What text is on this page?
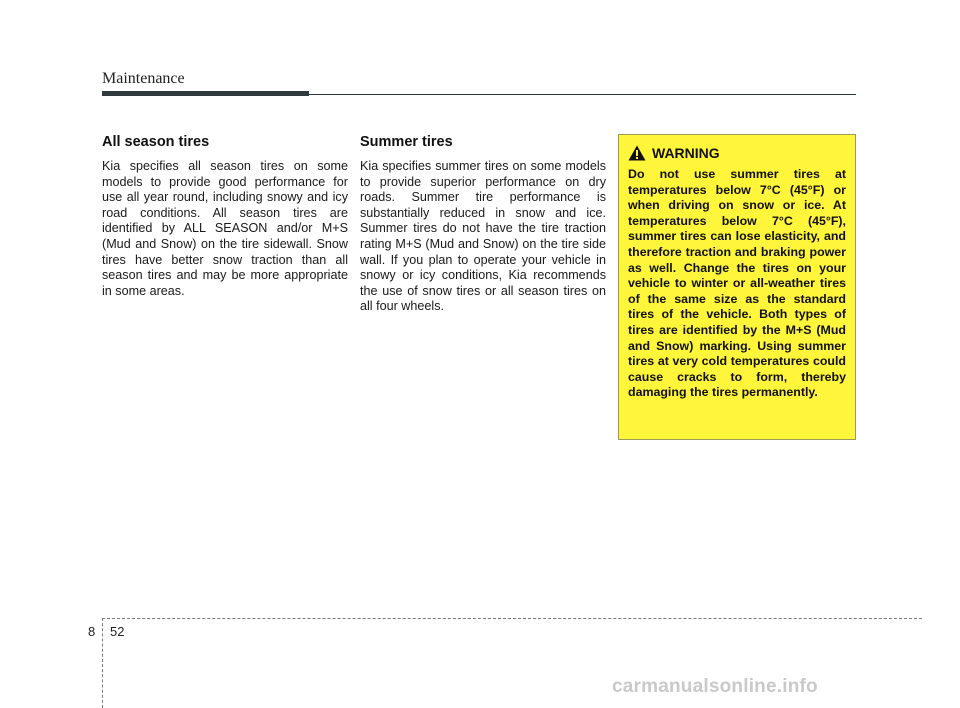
Maintenance
All season tires

Kia specifies all season tires on some models to provide good performance for use all year round, including snowy and icy road conditions. All season tires are identified by ALL SEASON and/or M+S (Mud and Snow) on the tire sidewall. Snow tires have better snow traction than all season tires and may be more appropriate in some areas.

Summer tires

Kia specifies summer tires on some models to provide superior performance on dry roads. Summer tire performance is substantially reduced in snow and ice. Summer tires do not have the tire traction rating M+S (Mud and Snow) on the tire side wall. If you plan to operate your vehicle in snowy or icy conditions, Kia recommends the use of snow tires or all season tires on all four wheels.

WARNING

Do not use summer tires at temperatures below 7°C (45°F) or when driving on snow or ice. At temperatures below 7°C (45°F), summer tires can lose elasticity, and therefore traction and braking power as well. Change the tires on your vehicle to winter or all-weather tires of the same size as the standard tires of the vehicle. Both types of tires are identified by the M+S (Mud and Snow) marking. Using summer tires at very cold temperatures could cause cracks to form, thereby damaging the tires permanently.

8 52
carmanualsonline.info
